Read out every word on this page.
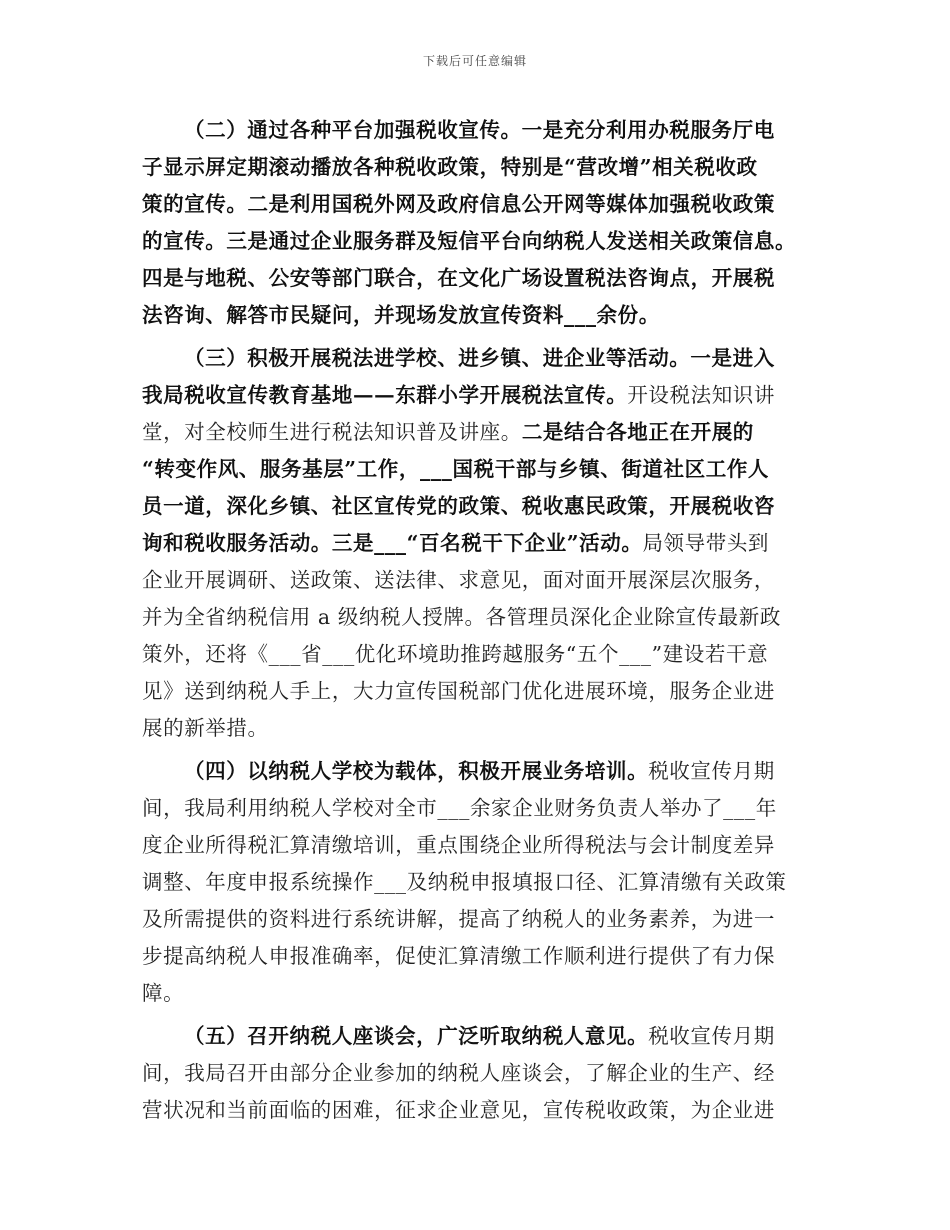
下载后可任意编辑
（二）通过各种平台加强税收宣传。一是充分利用办税服务厅电
子显示屏定期滚动播放各种税收政策，特别是“营改增”相关税收政
策的宣传。二是利用国税外网及政府信息公开网等媒体加强税收政策
的宣传。三是通过企业服务群及短信平台向纳税人发送相关政策信息。
四是与地税、公安等部门联合，在文化广场设置税法咨询点，开展税
法咨询、解答市民疑问，并现场发放宣传资料___余份。
（三）积极开展税法进学校、进乡镇、进企业等活动。一是进入
我局税收宣传教育基地——东群小学开展税法宣传。开设税法知识讲
堂，对全校师生进行税法知识普及讲座。二是结合各地正在开展的
“转变作风、服务基层”工作，___国税干部与乡镇、街道社区工作人
员一道，深化乡镇、社区宣传党的政策、税收惠民政策，开展税收咨
询和税收服务活动。三是___“百名税干下企业”活动。局领导带头到
企业开展调研、送政策、送法律、求意见，面对面开展深层次服务，
并为全省纳税信用 a 级纳税人授牌。各管理员深化企业除宣传最新政
策外，还将《___省___优化环境助推跨越服务“五个___”建设若干意
见》送到纳税人手上，大力宣传国税部门优化进展环境，服务企业进
展的新举措。
（四）以纳税人学校为载体，积极开展业务培训。税收宣传月期
间，我局利用纳税人学校对全市___余家企业财务负责人举办了___年
度企业所得税汇算清缴培训，重点围绕企业所得税法与会计制度差异
调整、年度申报系统操作___及纳税申报填报口径、汇算清缴有关政策
及所需提供的资料进行系统讲解，提高了纳税人的业务素养，为进一
步提高纳税人申报准确率，促使汇算清缴工作顺利进行提供了有力保
障。
（五）召开纳税人座谈会，广泛听取纳税人意见。税收宣传月期
间，我局召开由部分企业参加的纳税人座谈会，了解企业的生产、经
营状况和当前面临的困难，征求企业意见，宣传税收政策，为企业进
